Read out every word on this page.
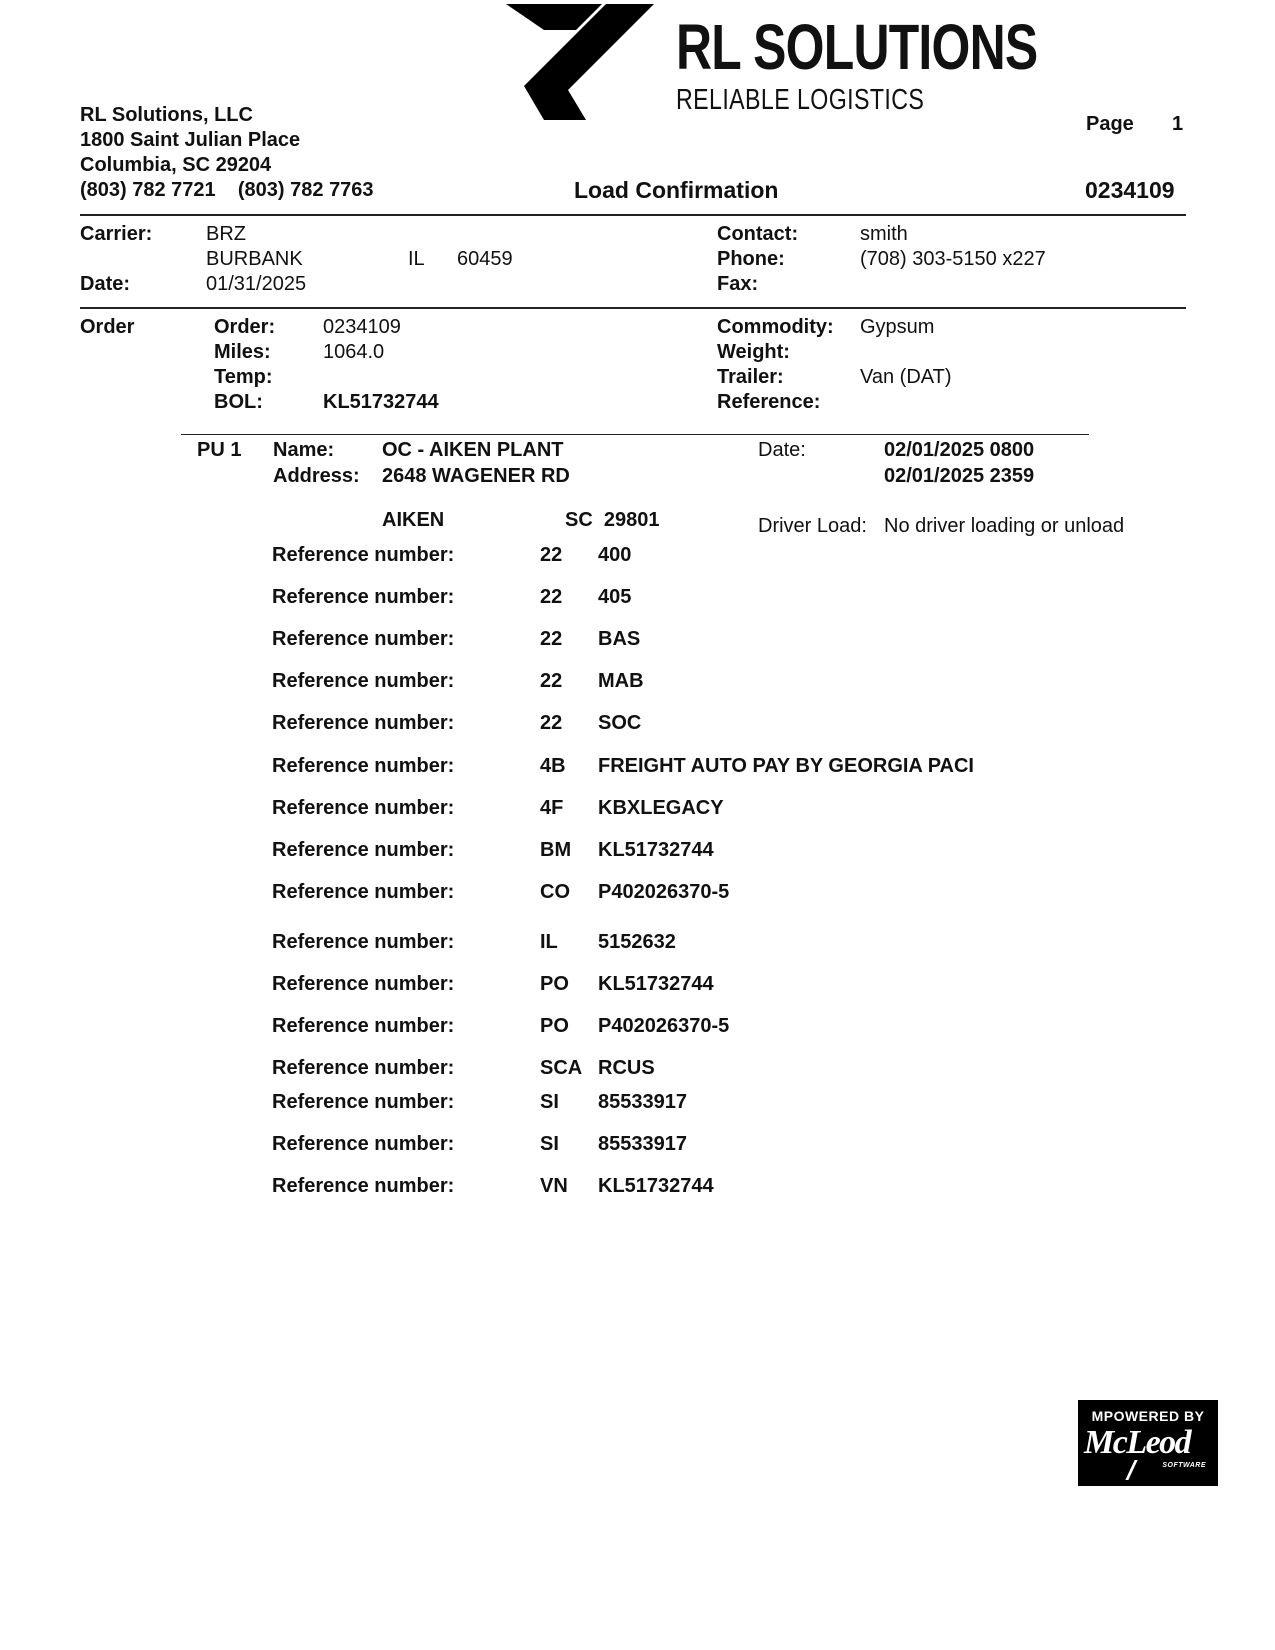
RL SOLUTIONS
RELIABLE LOGISTICS
RL Solutions, LLC
1800 Saint Julian Place
Columbia, SC 29204
(803) 782 7721    (803) 782 7763
Page 1
Load Confirmation	0234109
Carrier:	BRZ
BURBANK	IL 60459
Date:	01/31/2025
Contact:	smith
Phone:	(708) 303-5150 x227
Fax:
Order	Order: 0234109
Miles:	1064.0
Temp:
BOL:	KL51732744
Commodity: Gypsum
Weight:
Trailer:	Van (DAT)
Reference:
PU 1 Name: OC - AIKEN PLANT
Address: 2648 WAGENER RD
AIKEN	SC  29801
Date:	02/01/2025 0800
02/01/2025 2359
Driver Load: No driver loading or unload
Reference number:	22 400
Reference number:	22 405
Reference number:	22 BAS
Reference number:	22 MAB
Reference number:	22 SOC
Reference number:	4B FREIGHT AUTO PAY BY GEORGIA PACI
Reference number:	4F KBXLEGACY
Reference number:	BM KL51732744
Reference number:	CO P402026370-5
Reference number:	IL 5152632
Reference number:	PO KL51732744
Reference number:	PO P402026370-5
Reference number:	SCA RCUS
Reference number:	SI 85533917
Reference number:	SI 85533917
Reference number:	VN KL51732744
MPOWERED BY
McLeod
SOFTWARE
